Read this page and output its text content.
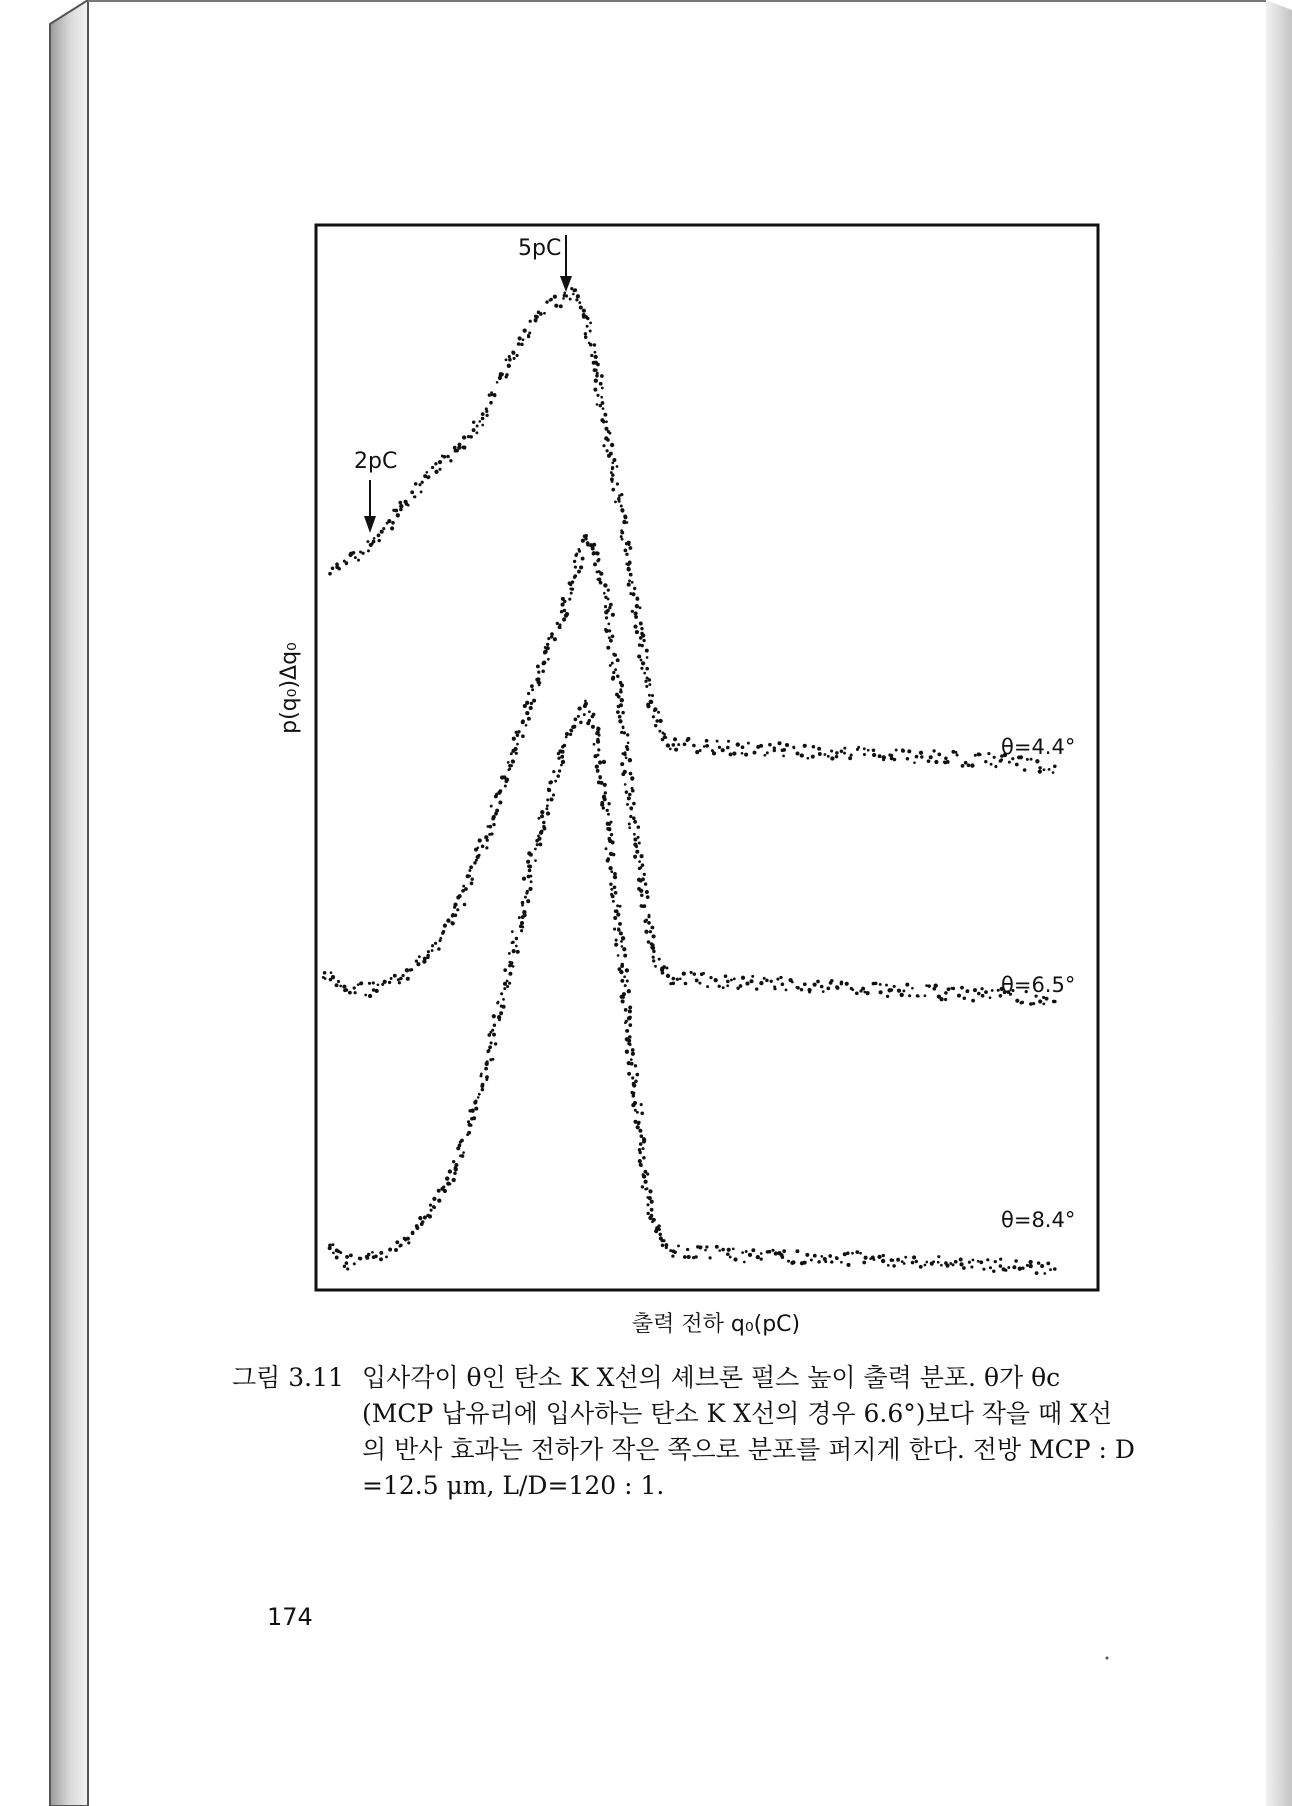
5pC
2pC
θ=4.4°
θ=6.5°
θ=8.4°
p(q₀)Δq₀
출력 전하 q₀(pC)
그림 3.11 입사각이 θ인 탄소 K X선의 셰브론 펄스 높이 출력 분포. θ가 θc
(MCP 납유리에 입사하는 탄소 K X선의 경우 6.6°)보다 작을 때 X선
의 반사 효과는 전하가 작은 쪽으로 분포를 퍼지게 한다. 전방 MCP : D
=12.5 μm, L/D=120 : 1.
174
